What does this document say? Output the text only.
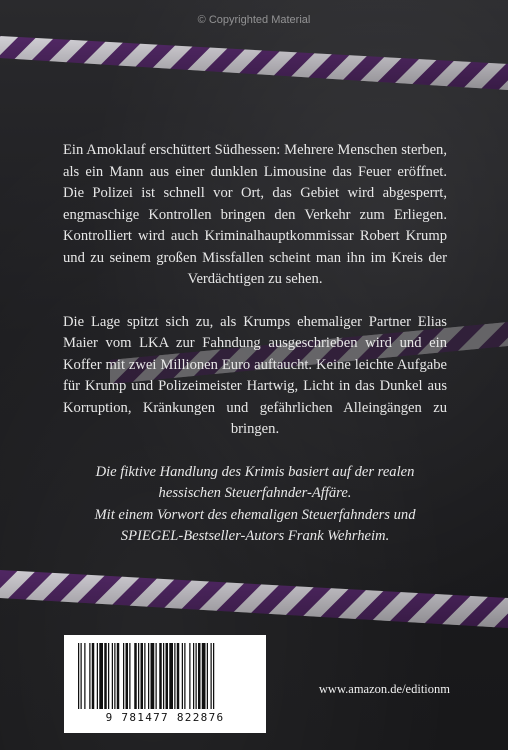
© Copyrighted Material

Ein Amoklauf erschüttert Südhessen: Mehrere Menschen sterben, als ein Mann aus einer dunklen Limousine das Feuer eröffnet. Die Polizei ist schnell vor Ort, das Gebiet wird abgesperrt, engmaschige Kontrollen bringen den Verkehr zum Erliegen. Kontrolliert wird auch Kriminalhauptkommissar Robert Krump und zu seinem großen Missfallen scheint man ihn im Kreis der Verdächtigen zu sehen.

Die Lage spitzt sich zu, als Krumps ehemaliger Partner Elias Maier vom LKA zur Fahndung ausgeschrieben wird und ein Koffer mit zwei Millionen Euro auftaucht. Keine leichte Aufgabe für Krump und Polizeimeister Hartwig, Licht in das Dunkel aus Korruption, Kränkungen und gefährlichen Alleingängen zu bringen.

Die fiktive Handlung des Krimis basiert auf der realen hessischen Steuerfahnder-Affäre.
Mit einem Vorwort des ehemaligen Steuerfahnders und SPIEGEL-Bestseller-Autors Frank Wehrheim.

9 781477 822876
www.amazon.de/editionm
